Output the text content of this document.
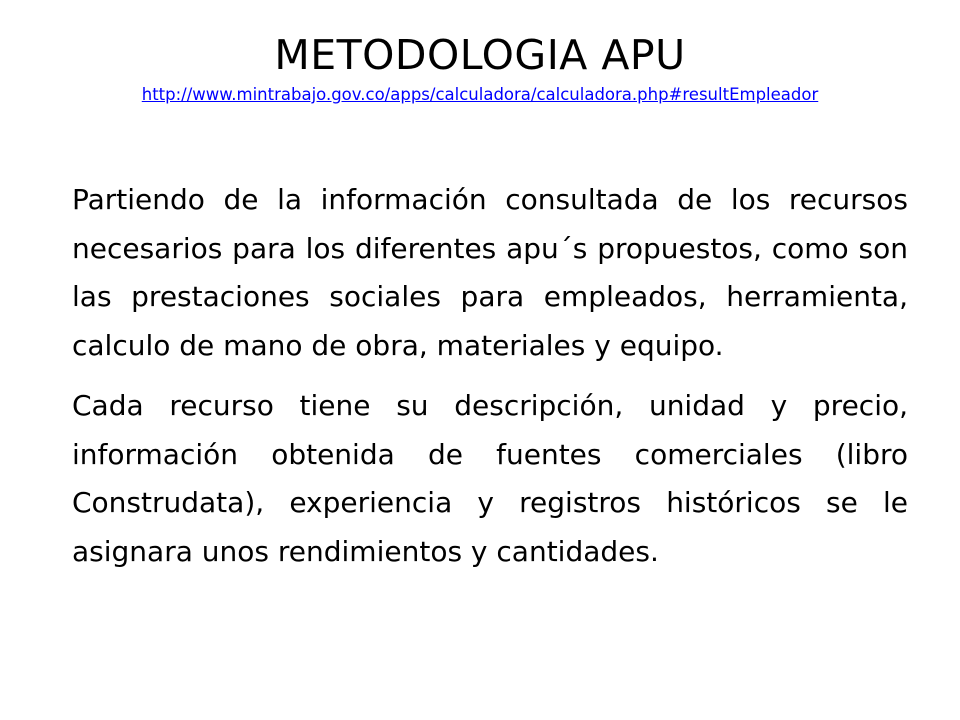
METODOLOGIA APU
http://www.mintrabajo.gov.co/apps/calculadora/calculadora.php#resultEmpleador

Partiendo de la información consultada de los recursos necesarios para los diferentes apu´s propuestos, como son las prestaciones sociales para empleados, herramienta, calculo de mano de obra, materiales y equipo.

Cada recurso tiene su descripción, unidad y precio, información obtenida de fuentes comerciales (libro Construdata), experiencia y registros históricos se le asignara unos rendimientos y cantidades.
